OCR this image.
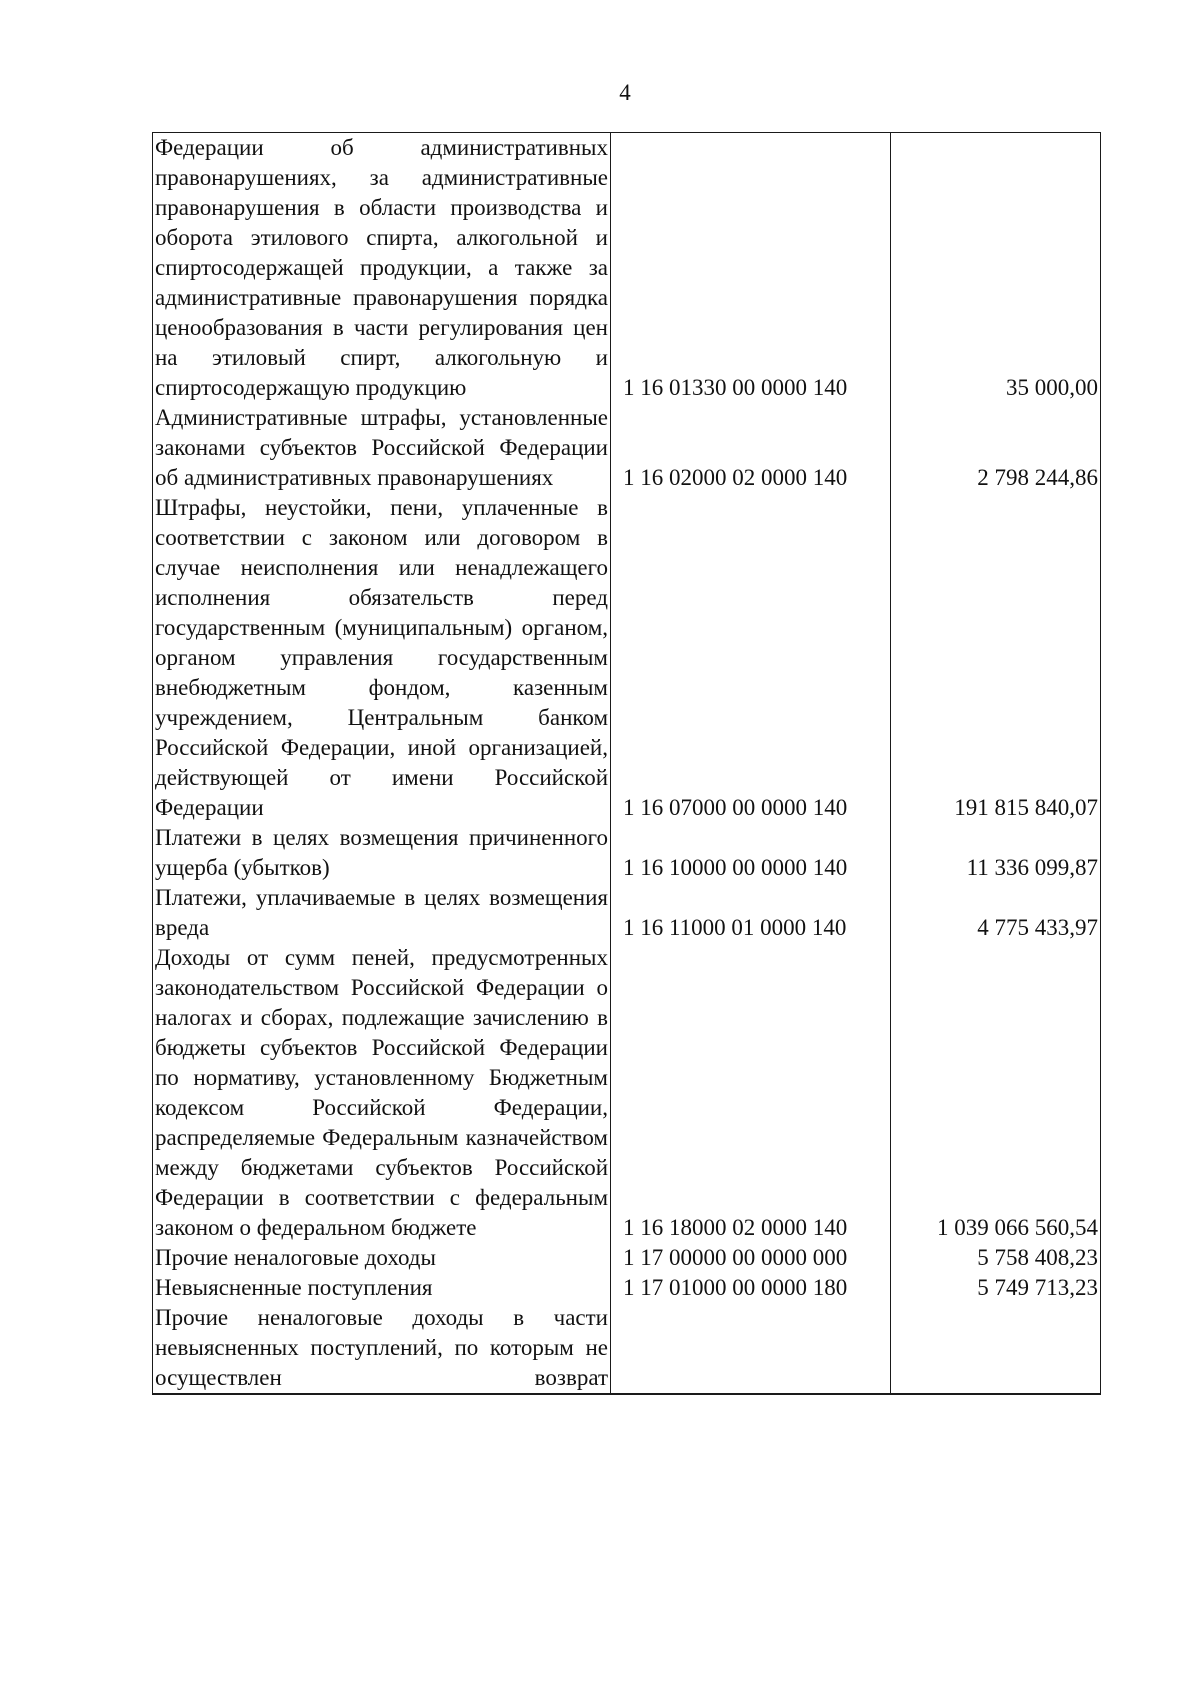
4
Федерации об административных правонарушениях, за административные правонарушения в области производства и оборота этилового спирта, алкогольной и спиртосодержащей продукции, а также за административные правонарушения порядка ценообразования в части регулирования цен на этиловый спирт, алкогольную и спиртосодержащую продукцию	1 16 01330 00 0000 140	35 000,00
Административные штрафы, установленные законами субъектов Российской Федерации об административных правонарушениях	1 16 02000 02 0000 140	2 798 244,86
Штрафы, неустойки, пени, уплаченные в соответствии с законом или договором в случае неисполнения или ненадлежащего исполнения обязательств перед государственным (муниципальным) органом, органом управления государственным внебюджетным фондом, казенным учреждением, Центральным банком Российской Федерации, иной организацией, действующей от имени Российской Федерации	1 16 07000 00 0000 140	191 815 840,07
Платежи в целях возмещения причиненного ущерба (убытков)	1 16 10000 00 0000 140	11 336 099,87
Платежи, уплачиваемые в целях возмещения вреда	1 16 11000 01 0000 140	4 775 433,97
Доходы от сумм пеней, предусмотренных законодательством Российской Федерации о налогах и сборах, подлежащие зачислению в бюджеты субъектов Российской Федерации по нормативу, установленному Бюджетным кодексом Российской Федерации, распределяемые Федеральным казначейством между бюджетами субъектов Российской Федерации в соответствии с федеральным законом о федеральном бюджете	1 16 18000 02 0000 140	1 039 066 560,54
Прочие неналоговые доходы	1 17 00000 00 0000 000	5 758 408,23
Невыясненные поступления	1 17 01000 00 0000 180	5 749 713,23
Прочие неналоговые доходы в части невыясненных поступлений, по которым не осуществлен возврат		
